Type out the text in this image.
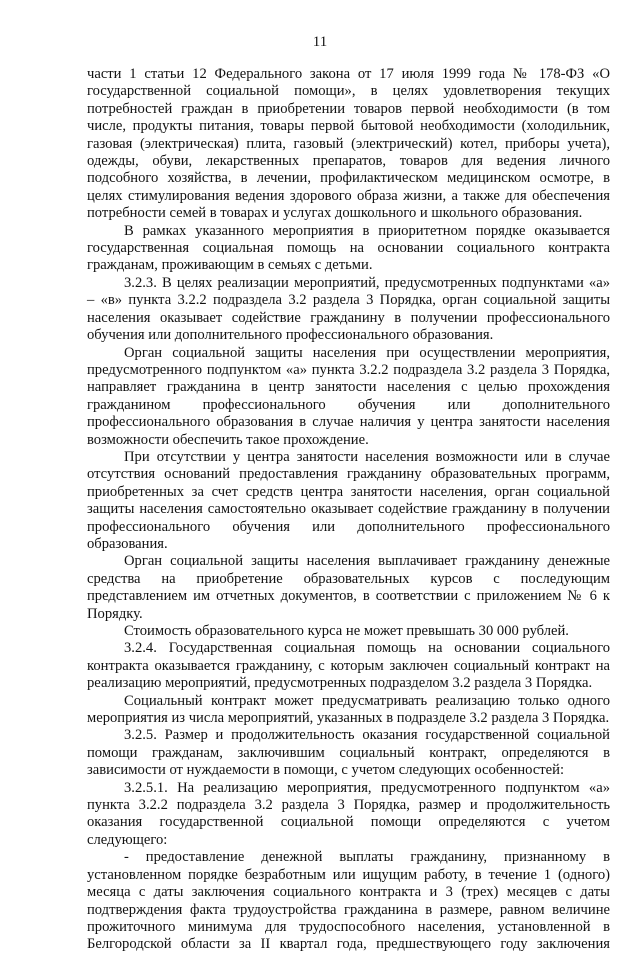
11

части 1 статьи 12 Федерального закона от 17 июля 1999 года № 178-ФЗ «О государственной социальной помощи», в целях удовлетворения текущих потребностей граждан в приобретении товаров первой необходимости (в том числе, продукты питания, товары первой бытовой необходимости (холодильник, газовая (электрическая) плита, газовый (электрический) котел, приборы учета), одежды, обуви, лекарственных препаратов, товаров для ведения личного подсобного хозяйства, в лечении, профилактическом медицинском осмотре, в целях стимулирования ведения здорового образа жизни, а также для обеспечения потребности семей в товарах и услугах дошкольного и школьного образования.

В рамках указанного мероприятия в приоритетном порядке оказывается государственная социальная помощь на основании социального контракта гражданам, проживающим в семьях с детьми.

3.2.3. В целях реализации мероприятий, предусмотренных подпунктами «а» – «в» пункта 3.2.2 подраздела 3.2 раздела 3 Порядка, орган социальной защиты населения оказывает содействие гражданину в получении профессионального обучения или дополнительного профессионального образования.

Орган социальной защиты населения при осуществлении мероприятия, предусмотренного подпунктом «а» пункта 3.2.2 подраздела 3.2 раздела 3 Порядка, направляет гражданина в центр занятости населения с целью прохождения гражданином профессионального обучения или дополнительного профессионального образования в случае наличия у центра занятости населения возможности обеспечить такое прохождение.

При отсутствии у центра занятости населения возможности или в случае отсутствия оснований предоставления гражданину образовательных программ, приобретенных за счет средств центра занятости населения, орган социальной защиты населения самостоятельно оказывает содействие гражданину в получении профессионального обучения или дополнительного профессионального образования.

Орган социальной защиты населения выплачивает гражданину денежные средства на приобретение образовательных курсов с последующим представлением им отчетных документов, в соответствии с приложением № 6 к Порядку.

Стоимость образовательного курса не может превышать 30 000 рублей.

3.2.4. Государственная социальная помощь на основании социального контракта оказывается гражданину, с которым заключен социальный контракт на реализацию мероприятий, предусмотренных подразделом 3.2 раздела 3 Порядка.

Социальный контракт может предусматривать реализацию только одного мероприятия из числа мероприятий, указанных в подразделе 3.2 раздела 3 Порядка.

3.2.5. Размер и продолжительность оказания государственной социальной помощи гражданам, заключившим социальный контракт, определяются в зависимости от нуждаемости в помощи, с учетом следующих особенностей:

3.2.5.1. На реализацию мероприятия, предусмотренного подпунктом «а» пункта 3.2.2 подраздела 3.2 раздела 3 Порядка, размер и продолжительность оказания государственной социальной помощи определяются с учетом следующего:

- предоставление денежной выплаты гражданину, признанному в установленном порядке безработным или ищущим работу, в течение 1 (одного) месяца с даты заключения социального контракта и 3 (трех) месяцев с даты подтверждения факта трудоустройства гражданина в размере, равном величине прожиточного минимума для трудоспособного населения, установленной в Белгородской области за II квартал года, предшествующего году заключения
